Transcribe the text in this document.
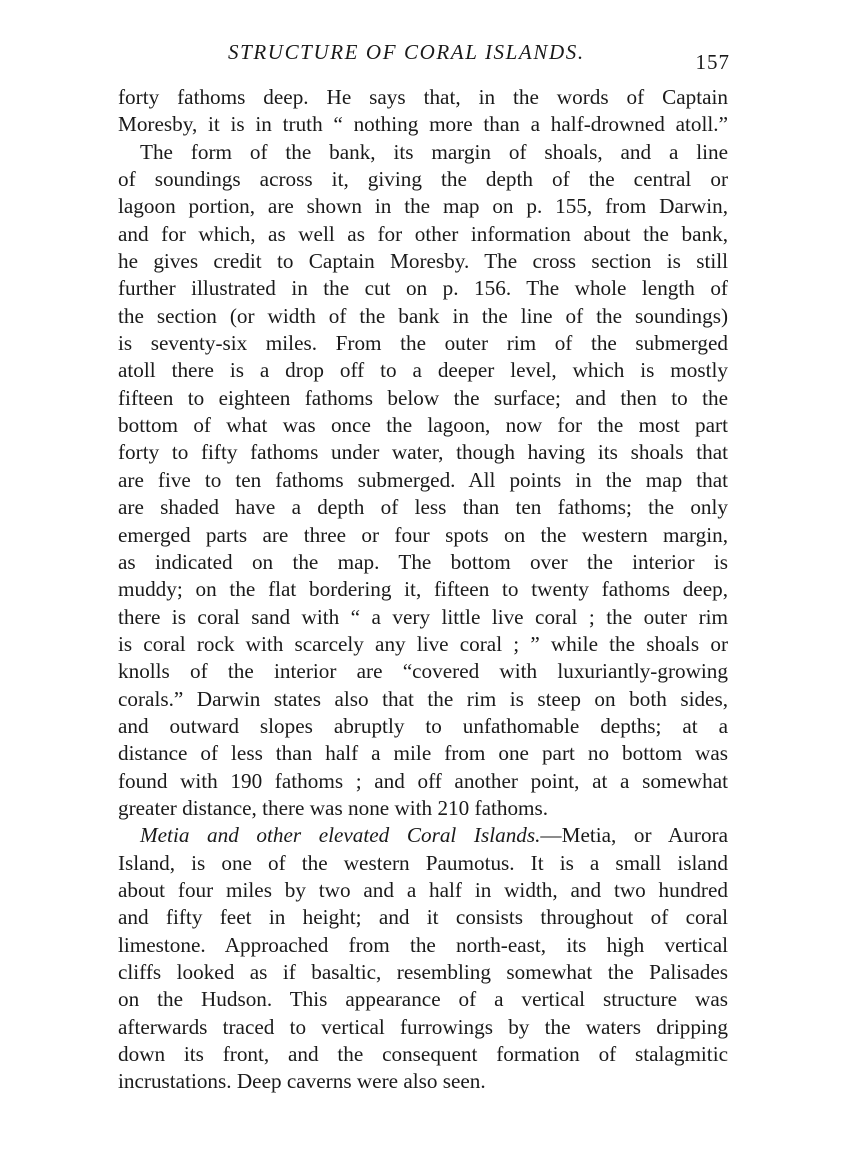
STRUCTURE OF CORAL ISLANDS.	157
forty fathoms deep. He says that, in the words of Captain
Moresby, it is in truth “ nothing more than a half-drowned atoll.”
The form of the bank, its margin of shoals, and a line
of soundings across it, giving the depth of the central or
lagoon portion, are shown in the map on p. 155, from Darwin,
and for which, as well as for other information about the bank,
he gives credit to Captain Moresby. The cross section is still
further illustrated in the cut on p. 156. The whole length of
the section (or width of the bank in the line of the soundings)
is seventy-six miles. From the outer rim of the submerged
atoll there is a drop off to a deeper level, which is mostly
fifteen to eighteen fathoms below the surface; and then to the
bottom of what was once the lagoon, now for the most part
forty to fifty fathoms under water, though having its shoals that
are five to ten fathoms submerged. All points in the map that
are shaded have a depth of less than ten fathoms; the only
emerged parts are three or four spots on the western margin,
as indicated on the map. The bottom over the interior is
muddy; on the flat bordering it, fifteen to twenty fathoms deep,
there is coral sand with “ a very little live coral ; the outer rim
is coral rock with scarcely any live coral ; ” while the shoals or
knolls of the interior are “covered with luxuriantly-growing
corals.” Darwin states also that the rim is steep on both sides,
and outward slopes abruptly to unfathomable depths; at a
distance of less than half a mile from one part no bottom was
found with 190 fathoms ; and off another point, at a somewhat
greater distance, there was none with 210 fathoms.
Metia and other elevated Coral Islands.—Metia, or Aurora
Island, is one of the western Paumotus. It is a small island
about four miles by two and a half in width, and two hundred
and fifty feet in height; and it consists throughout of coral
limestone. Approached from the north-east, its high vertical
cliffs looked as if basaltic, resembling somewhat the Palisades
on the Hudson. This appearance of a vertical structure was
afterwards traced to vertical furrowings by the waters dripping
down its front, and the consequent formation of stalagmitic
incrustations. Deep caverns were also seen.
